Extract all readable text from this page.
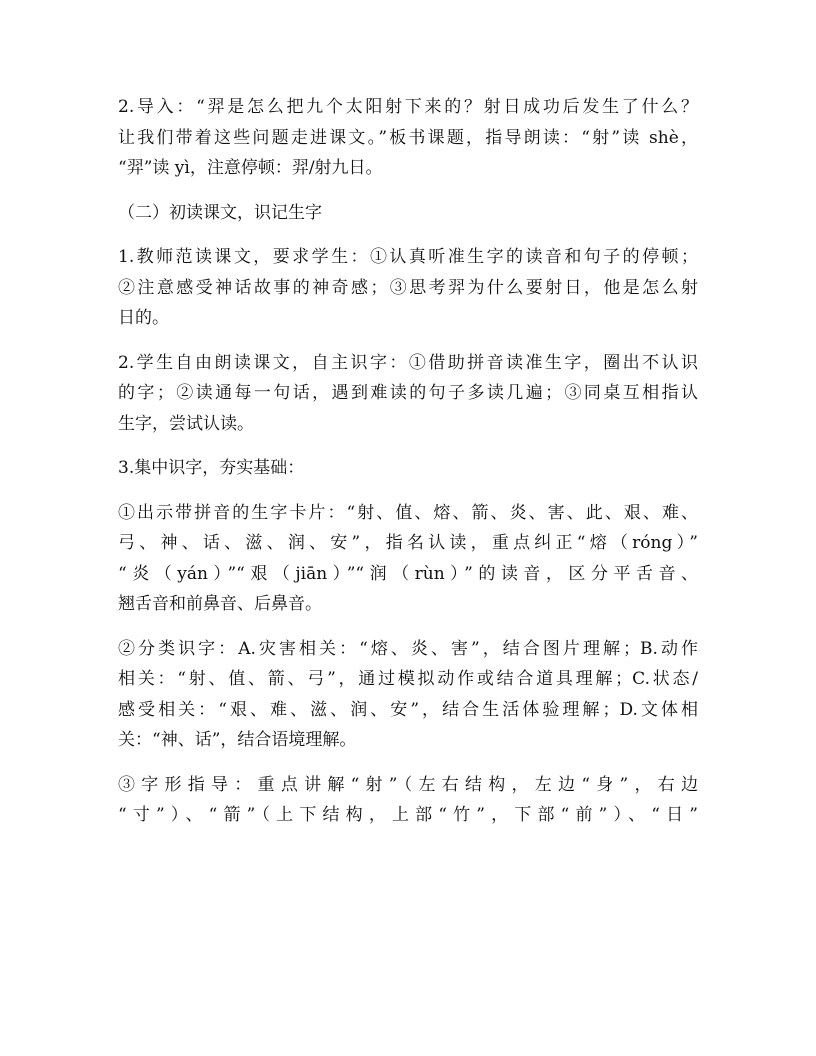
2.导入：“羿是怎么把九个太阳射下来的？射日成功后发生了什么？
让我们带着这些问题走进课文。”板书课题，指导朗读：“射”读 shè，
“羿”读 yì，注意停顿：羿/射九日。
（二）初读课文，识记生字
1.教师范读课文，要求学生：①认真听准生字的读音和句子的停顿；
②注意感受神话故事的神奇感；③思考羿为什么要射日，他是怎么射
日的。
2.学生自由朗读课文，自主识字：①借助拼音读准生字，圈出不认识
的字；②读通每一句话，遇到难读的句子多读几遍；③同桌互相指认
生字，尝试认读。
3.集中识字，夯实基础：
①出示带拼音的生字卡片：“射、值、熔、箭、炎、害、此、艰、难、
弓、神、话、滋、润、安”，指名认读，重点纠正“熔（róng）”
“炎（yán）”“艰（jiān）”“润（rùn）”的读音，区分平舌音、
翘舌音和前鼻音、后鼻音。
②分类识字：A.灾害相关：“熔、炎、害”，结合图片理解；B.动作
相关：“射、值、箭、弓”，通过模拟动作或结合道具理解；C.状态/
感受相关：“艰、难、滋、润、安”，结合生活体验理解；D.文体相
关：“神、话”，结合语境理解。
③字形指导：重点讲解“射”（左右结构，左边“身”，右边
“寸”）、“箭”（上下结构，上部“竹”，下部“前”）、“日”
